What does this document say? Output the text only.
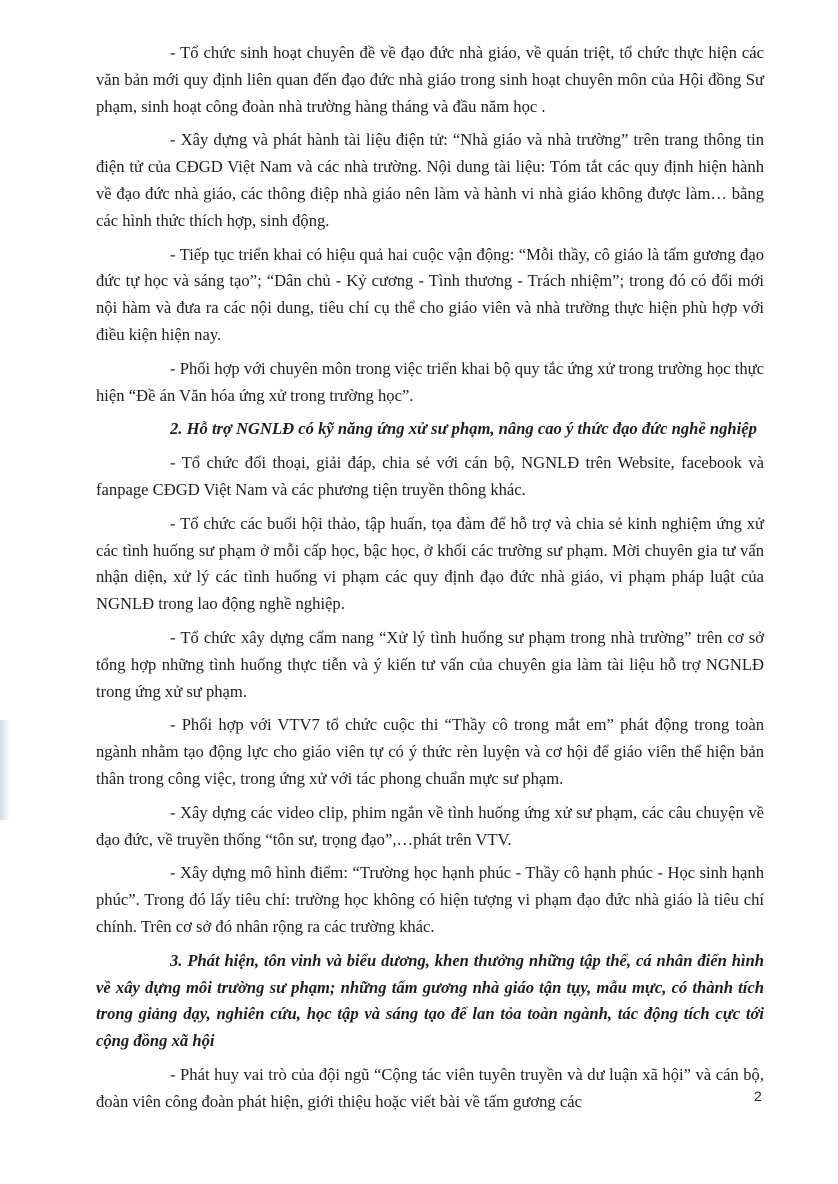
- Tổ chức sinh hoạt chuyên đề về đạo đức nhà giáo, về quán triệt, tổ chức thực hiện các văn bản mới quy định liên quan đến đạo đức nhà giáo trong sinh hoạt chuyên môn của Hội đồng Sư phạm, sinh hoạt công đoàn nhà trường hàng tháng và đầu năm học .

- Xây dựng và phát hành tài liệu điện tử: “Nhà giáo và nhà trường” trên trang thông tin điện tử của CĐGD Việt Nam và các nhà trường. Nội dung tài liệu: Tóm tắt các quy định hiện hành về đạo đức nhà giáo, các thông điệp nhà giáo nên làm và hành vi nhà giáo không được làm… bằng các hình thức thích hợp, sinh động.

- Tiếp tục triển khai có hiệu quả hai cuộc vận động: “Mỗi thầy, cô giáo là tấm gương đạo đức tự học và sáng tạo”; “Dân chủ - Kỷ cương - Tình thương - Trách nhiệm”; trong đó có đổi mới nội hàm và đưa ra các nội dung, tiêu chí cụ thể cho giáo viên và nhà trường thực hiện phù hợp với điều kiện hiện nay.

- Phối hợp với chuyên môn trong việc triển khai bộ quy tắc ứng xử trong trường học thực hiện “Đề án Văn hóa ứng xử trong trường học”.

2. Hỗ trợ NGNLĐ có kỹ năng ứng xử sư phạm, nâng cao ý thức đạo đức nghề nghiệp

- Tổ chức đối thoại, giải đáp, chia sẻ với cán bộ, NGNLĐ trên Website, facebook và fanpage CĐGD Việt Nam và các phương tiện truyền thông khác.

- Tổ chức các buổi hội thảo, tập huấn, tọa đàm để hỗ trợ và chia sẻ kinh nghiệm ứng xử các tình huống sư phạm ở mỗi cấp học, bậc học, ở khối các trường sư phạm. Mời chuyên gia tư vấn nhận diện, xử lý các tình huống vi phạm các quy định đạo đức nhà giáo, vi phạm pháp luật của NGNLĐ trong lao động nghề nghiệp.

- Tổ chức xây dựng cẩm nang “Xử lý tình huống sư phạm trong nhà trường” trên cơ sở tổng hợp những tình huống thực tiễn và ý kiến tư vấn của chuyên gia làm tài liệu hỗ trợ NGNLĐ trong ứng xử sư phạm.

- Phối hợp với VTV7 tổ chức cuộc thi “Thầy cô trong mắt em” phát động trong toàn ngành nhằm tạo động lực cho giáo viên tự có ý thức rèn luyện và cơ hội để giáo viên thể hiện bản thân trong công việc, trong ứng xử với tác phong chuẩn mực sư phạm.

- Xây dựng các video clip, phim ngắn về tình huống ứng xử sư phạm, các câu chuyện về đạo đức, về truyền thống “tôn sư, trọng đạo”,…phát trên VTV.

- Xây dựng mô hình điểm: “Trường học hạnh phúc - Thầy cô hạnh phúc - Học sinh hạnh phúc”. Trong đó lấy tiêu chí: trường học không có hiện tượng vi phạm đạo đức nhà giáo là tiêu chí chính. Trên cơ sở đó nhân rộng ra các trường khác.

3. Phát hiện, tôn vinh và biểu dương, khen thưởng những tập thể, cá nhân điển hình về xây dựng môi trường sư phạm; những tấm gương nhà giáo tận tụy, mẫu mực, có thành tích trong giảng dạy, nghiên cứu, học tập và sáng tạo để lan tỏa toàn ngành, tác động tích cực tới cộng đồng xã hội

- Phát huy vai trò của đội ngũ “Cộng tác viên tuyên truyền và dư luận xã hội” và cán bộ, đoàn viên công đoàn phát hiện, giới thiệu hoặc viết bài về tấm gương các	2
